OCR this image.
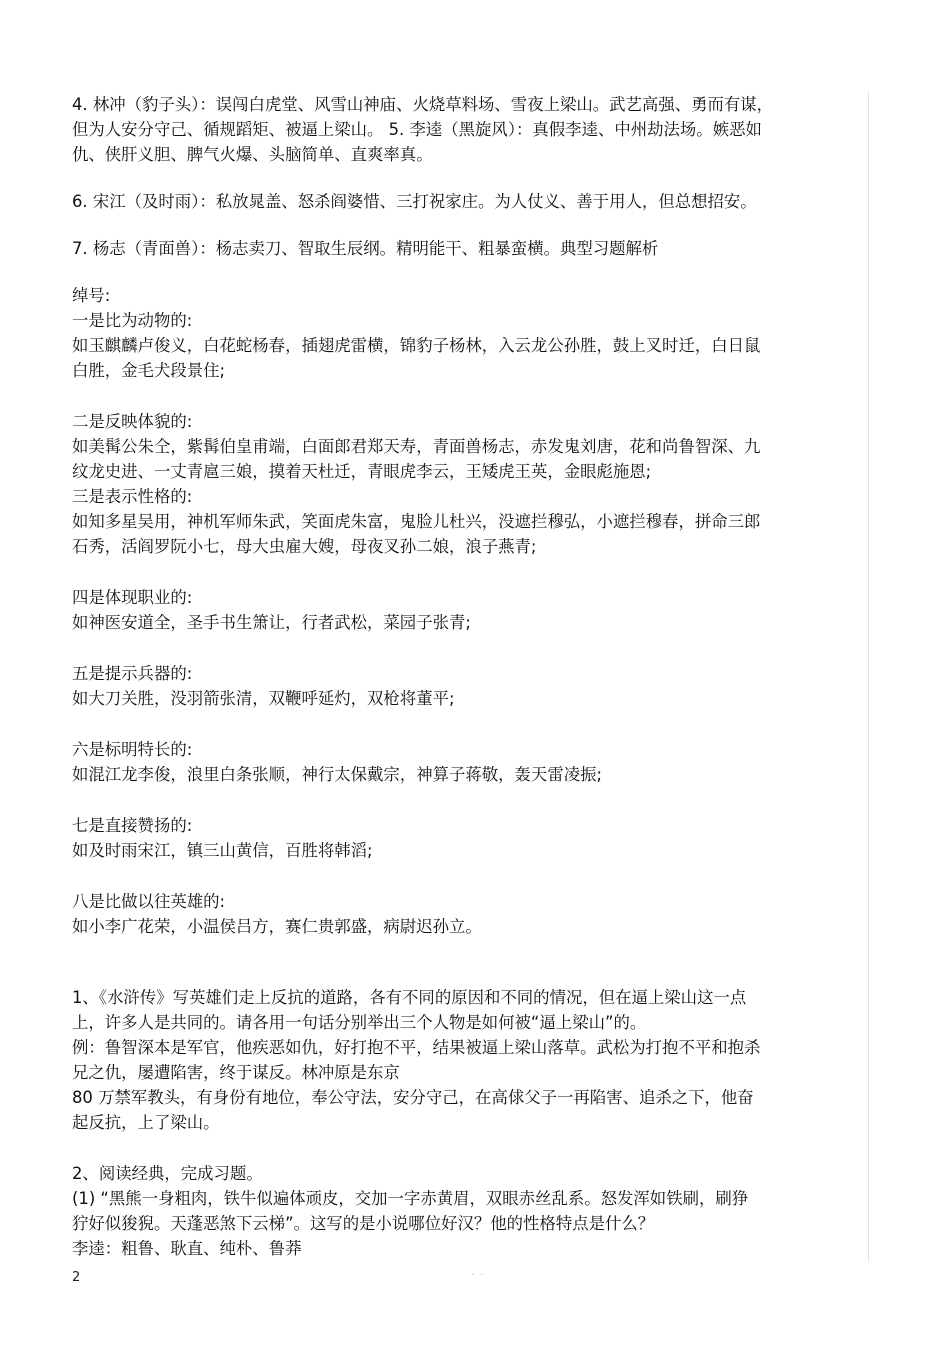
4. 林冲（豹子头）：误闯白虎堂、风雪山神庙、火烧草料场、雪夜上梁山。武艺高强、勇而有谋，
但为人安分守己、循规蹈矩、被逼上梁山。 5. 李逵（黑旋风）：真假李逵、中州劫法场。嫉恶如
仇、侠肝义胆、脾气火爆、头脑简单、直爽率真。
6. 宋江（及时雨）：私放晁盖、怒杀阎婆惜、三打祝家庄。为人仗义、善于用人，但总想招安。
7. 杨志（青面兽）：杨志卖刀、智取生辰纲。精明能干、粗暴蛮横。典型习题解析
绰号:
一是比为动物的:
如玉麒麟卢俊义，白花蛇杨春，插翅虎雷横，锦豹子杨林，入云龙公孙胜，鼓上叉时迁，白日鼠
白胜，金毛犬段景住;
二是反映体貌的:
如美髯公朱仝，紫髯伯皇甫端，白面郎君郑天寿，青面兽杨志，赤发鬼刘唐，花和尚鲁智深、九
纹龙史进、一丈青扈三娘，摸着天杜迁，青眼虎李云，王矮虎王英，金眼彪施恩;
三是表示性格的:
如知多星吴用，神机军师朱武，笑面虎朱富，鬼脸儿杜兴，没遮拦穆弘，小遮拦穆春，拼命三郎
石秀，活阎罗阮小七，母大虫雇大嫂，母夜叉孙二娘，浪子燕青;
四是体现职业的:
如神医安道全，圣手书生箫让，行者武松，菜园子张青;
五是提示兵器的:
如大刀关胜，没羽箭张清，双鞭呼延灼，双枪将董平;
六是标明特长的:
如混江龙李俊，浪里白条张顺，神行太保戴宗，神算子蒋敬，轰天雷凌振;
七是直接赞扬的:
如及时雨宋江，镇三山黄信，百胜将韩滔;
八是比做以往英雄的:
如小李广花荣，小温侯吕方，赛仁贵郭盛，病尉迟孙立。
1、《水浒传》写英雄们走上反抗的道路，各有不同的原因和不同的情况，但在逼上梁山这一点
上，许多人是共同的。请各用一句话分别举出三个人物是如何被“逼上梁山”的。
例：鲁智深本是军官，他疾恶如仇，好打抱不平，结果被逼上梁山落草。武松为打抱不平和抱杀
兄之仇，屡遭陷害，终于谋反。林冲原是东京
80 万禁军教头，有身份有地位，奉公守法，安分守己，在高俅父子一再陷害、追杀之下，他奋
起反抗，上了梁山。
2、阅读经典，完成习题。
(1) “黑熊一身粗肉，铁牛似遍体顽皮，交加一字赤黄眉，双眼赤丝乱系。怒发浑如铁刷，刷狰
狞好似狻猊。天蓬恶煞下云梯”。这写的是小说哪位好汉？他的性格特点是什么？
李逵：粗鲁、耿直、纯朴、鲁莽
2	˙ ˙
